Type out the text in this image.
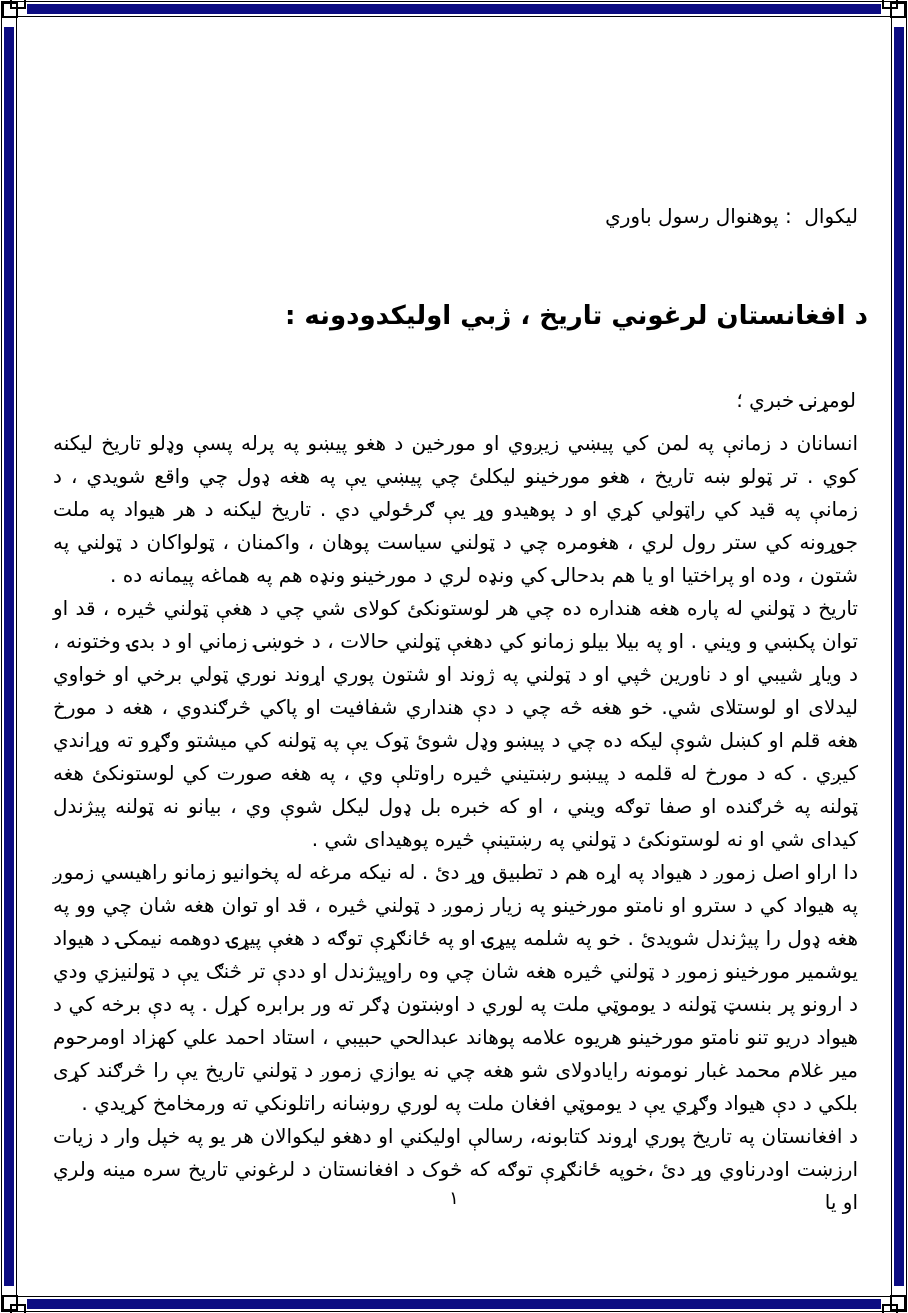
ليكوال  : پوهنوال رسول باوري
د افغانستان لرغوني تاريخ ، ژبي اوليكدودونه :
لومړنۍ خبري ؛
انسانان د زمانې په لمن كي پيښي زيږوي او مورخين د هغو پيښو په پرله پسې وډلو تاريخ ليكنه كوي . تر ټولو ښه تاريخ ، هغو مورخينو ليكلئ چي پيښي يې په هغه ډول چي واقع شويدي ، د زمانې په قيد كي راټولي كړي او د پوهيدو وړ يې ګرځولي دي . تاريخ ليكنه د هر هيواد په ملت جوړونه كي ستر رول لري ، هغومره چي د ټولني سياست پوهان ، واكمنان ، ټولواكان د ټولني په شتون ، وده او پراختيا او يا هم بدحالۍ كي ونډه لري د مورخينو ونډه هم په هماغه پيمانه ده .
تاريخ د ټولني له پاره هغه هنداره ده چي هر لوستونكئ كولای شي چي د هغې ټولني څيره ، قد او توان پكښي و ويني . او په بيلا بيلو زمانو كي دهغې ټولني حالات ، د خوښۍ زماني او د بدۍ وختونه ، د وياړ شيبي او د ناورين څپي او د ټولني په ژوند او شتون پوري اړوند نوري ټولي برخي او خواوي ليدلای او لوستلای شي. خو هغه څه چي د دې هنداري شفافيت او پاكي څرګندوي ، هغه د مورخ هغه قلم او كښل شوې ليكه ده چي د پيښو وډل شوئ ټوک يې په ټولنه كي ميشتو وګړو ته وړاندي كيږي . كه د مورخ له قلمه د پيښو رښتيني څيره راوتلې وي ، په هغه صورت كي لوستونكئ هغه ټولنه په څرګنده او صفا توګه ويني ، او كه خبره بل ډول ليكل شوې وي ، بيانو نه ټولنه پيژندل كيداى شي او نه لوستونكئ د ټولني په رښتينې څيره پوهيداى شي .
دا اراو اصل زموږ د هيواد په اړه هم د تطبيق وړ دئ . له نيكه مرغه له پخوانيو زمانو راهيسي زموږ په هيواد كي د سترو او نامتو مورخينو په زيار زموږ د ټولني څيره ، قد او توان هغه شان چي وو په هغه ډول را پيژندل شويدئ . خو په شلمه پيړۍ او په ځانګړې توګه د هغې پيړۍ دوهمه نيمكۍ د هيواد يوشمير مورخينو زموږ د ټولني څيره هغه شان چي وه راوپيژندل او ددې تر څنګ يې د ټولنيزي ودي د ارونو پر بنسټ ټولنه د يوموټي ملت په لوري د اوښتون ډګر ته ور برابره كړل . په دې برخه كي د هيواد دريو تنو نامتو مورخينو هريوه علامه پوهاند عبدالحي حبيبي ، استاد احمد علي كهزاد اومرحوم مير غلام محمد غبار نومونه رايادولای شو هغه چي نه يوازي زموږ د ټولني تاريخ يې را څرګند كړى بلكي د دې هيواد وګړي يې د يوموټي افغان ملت په لوري روښانه راتلونكي ته ورمخامخ كړيدي .
د افغانستان په تاريخ پوري اړوند كتابونه، رسالې اوليكني او دهغو ليكوالان هر يو په خپل وار د زيات ارزښت اودرناوي وړ دئ ،خوپه ځانګړې توګه كه څوک د افغانستان د لرغوني تاريخ سره مينه ولري او يا
١
